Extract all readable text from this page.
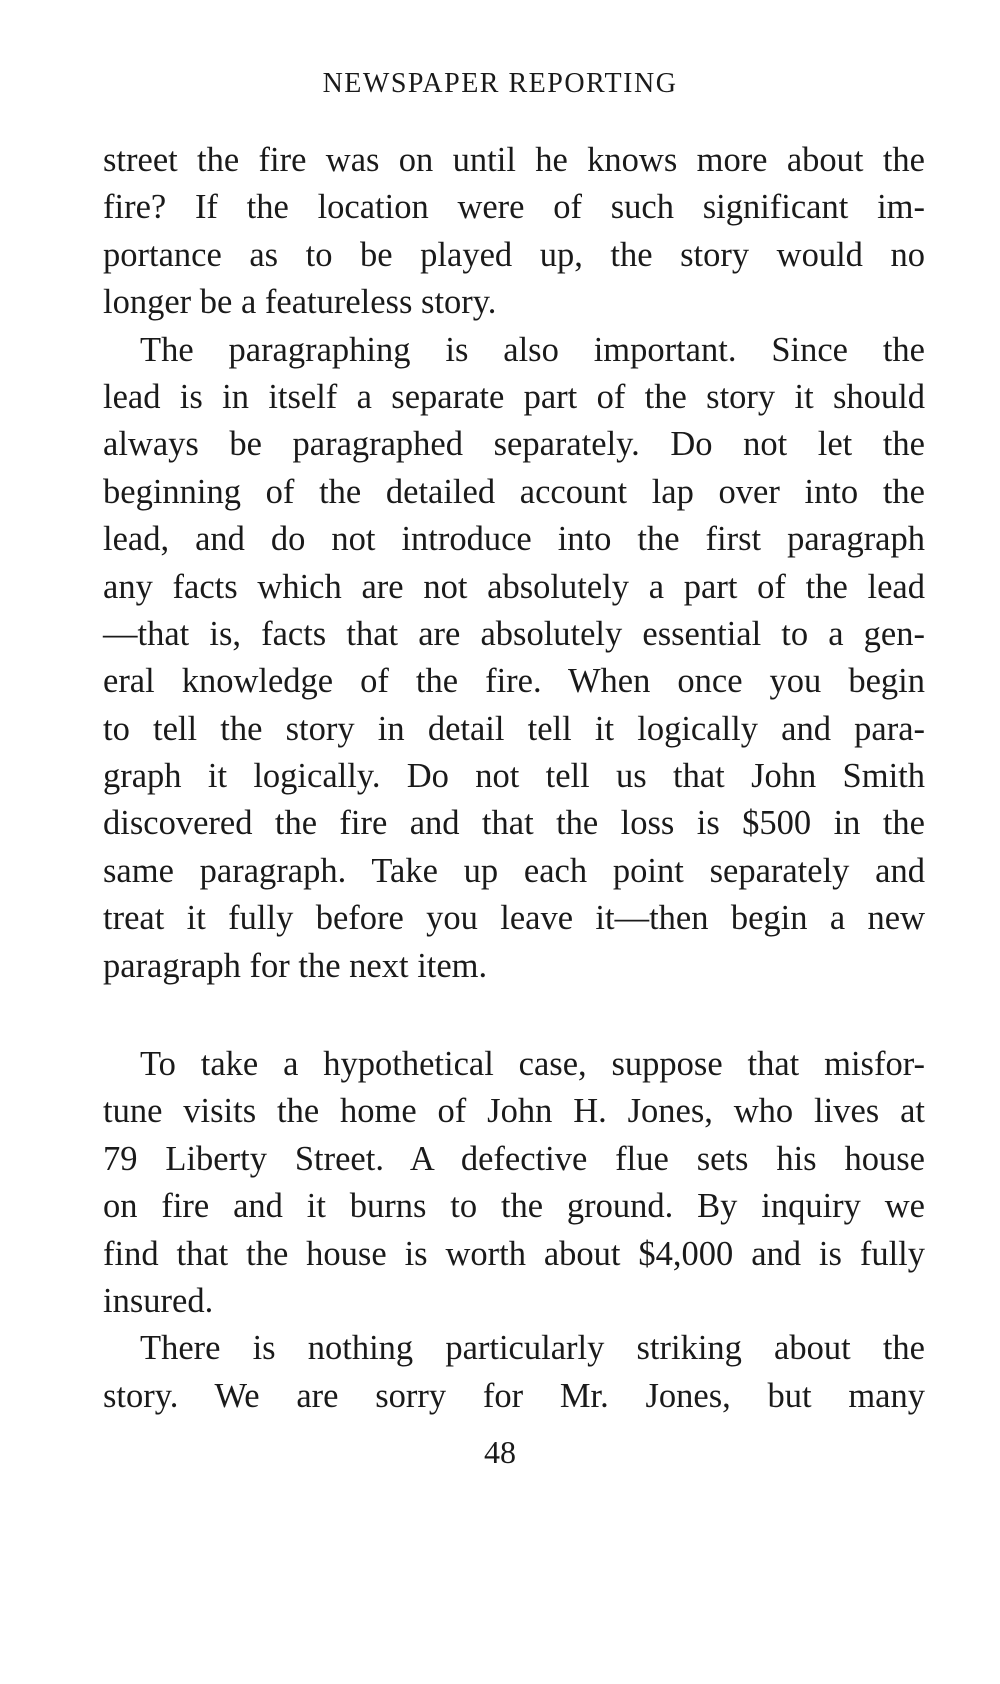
NEWSPAPER REPORTING
street the fire was on until he knows more about the
fire? If the location were of such significant im-
portance as to be played up, the story would no
longer be a featureless story.
The paragraphing is also important. Since the
lead is in itself a separate part of the story it should
always be paragraphed separately. Do not let the
beginning of the detailed account lap over into the
lead, and do not introduce into the first paragraph
any facts which are not absolutely a part of the lead
—that is, facts that are absolutely essential to a gen-
eral knowledge of the fire. When once you begin
to tell the story in detail tell it logically and para-
graph it logically. Do not tell us that John Smith
discovered the fire and that the loss is $500 in the
same paragraph. Take up each point separately and
treat it fully before you leave it—then begin a new
paragraph for the next item.
To take a hypothetical case, suppose that misfor-
tune visits the home of John H. Jones, who lives at
79 Liberty Street. A defective flue sets his house
on fire and it burns to the ground. By inquiry we
find that the house is worth about $4,000 and is fully
insured.
There is nothing particularly striking about the
story. We are sorry for Mr. Jones, but many
48
